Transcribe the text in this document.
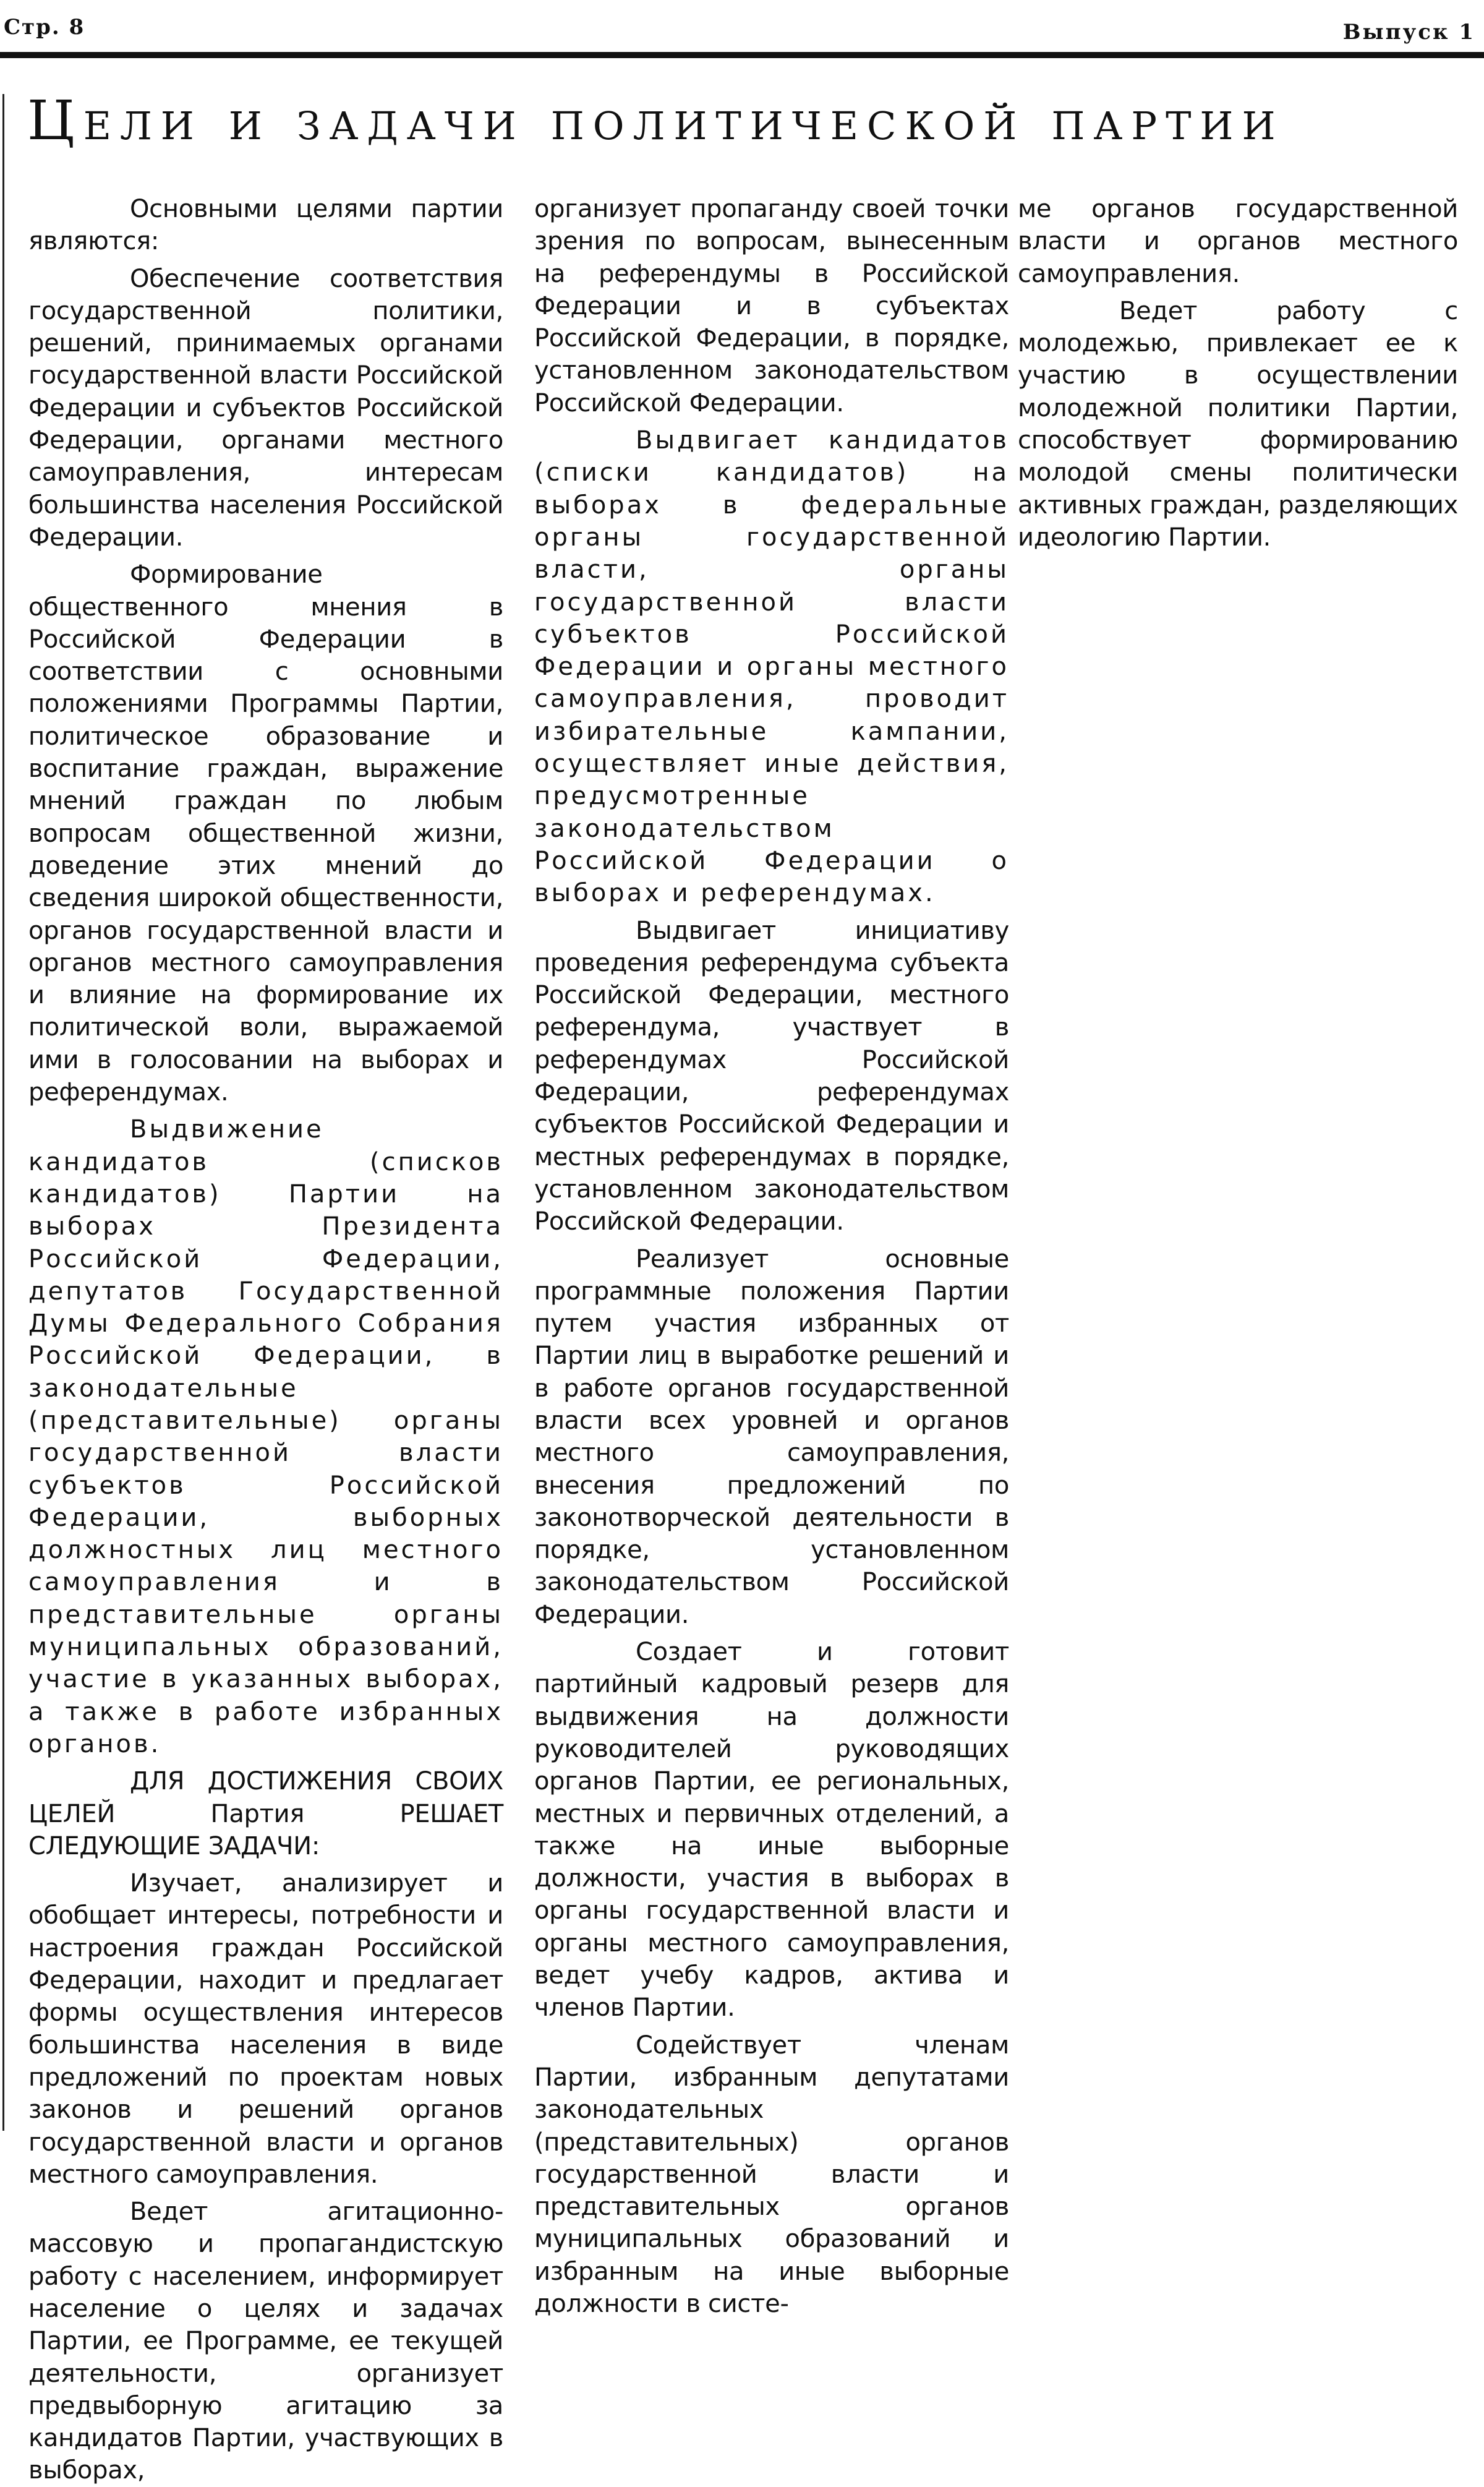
Стр. 8	Выпуск 1
Цели и задачи политической партии

Основными целями партии являются:

Обеспечение соответствия государственной политики, решений, принимаемых органами государственной власти Российской Федерации и субъектов Российской Федерации, органами местного самоуправления, интересам большинства населения Российской Федерации.

Формирование общественного мнения в Российской Федерации в соответствии с основными положениями Программы Партии, политическое образование и воспитание граждан, выражение мнений граждан по любым вопросам общественной жизни, доведение этих мнений до сведения широкой общественности, органов государственной власти и органов местного самоуправления и влияние на формирование их политической воли, выражаемой ими в голосовании на выборах и референдумах.

Выдвижение кандидатов (списков кандидатов) Партии на выборах Президента Российской Федерации, депутатов Государственной Думы Федерального Собрания Российской Федерации, в законодательные (представительные) органы государственной власти субъектов Российской Федерации, выборных должностных лиц местного самоуправления и в представительные органы муниципальных образований, участие в указанных выборах, а также в работе избранных органов.

ДЛЯ ДОСТИЖЕНИЯ СВОИХ ЦЕЛЕЙ Партия РЕШАЕТ СЛЕДУЮЩИЕ ЗАДАЧИ:

Изучает, анализирует и обобщает интересы, потребности и настроения граждан Российской Федерации, находит и предлагает формы осуществления интересов большинства населения в виде предложений по проектам новых законов и решений органов государственной власти и органов местного самоуправления.

Ведет агитационно-массовую и пропагандистскую работу с населением, информирует население о целях и задачах Партии, ее Программе, ее текущей деятельности, организует предвыборную агитацию за кандидатов Партии, участвующих в выборах,

организует пропаганду своей точки зрения по вопросам, вынесенным на референдумы в Российской Федерации и в субъектах Российской Федерации, в порядке, установленном законодательством Российской Федерации.

Выдвигает кандидатов (списки кандидатов) на выборах в федеральные органы государственной власти, органы государственной власти субъектов Российской Федерации и органы местного самоуправления, проводит избирательные кампании, осуществляет иные действия, предусмотренные законодательством Российской Федерации о выборах и референдумах.

Выдвигает инициативу проведения референдума субъекта Российской Федерации, местного референдума, участвует в референдумах Российской Федерации, референдумах субъектов Российской Федерации и местных референдумах в порядке, установленном законодательством Российской Федерации.

Реализует основные программные положения Партии путем участия избранных от Партии лиц в выработке решений и в работе органов государственной власти всех уровней и органов местного самоуправления, внесения предложений по законотворческой деятельности в порядке, установленном законодательством Российской Федерации.

Создает и готовит партийный кадровый резерв для выдвижения на должности руководителей руководящих органов Партии, ее региональных, местных и первичных отделений, а также на иные выборные должности, участия в выборах в органы государственной власти и органы местного самоуправления, ведет учебу кадров, актива и членов Партии.

Содействует членам Партии, избранным депутатами законодательных (представительных) органов государственной власти и представительных органов муниципальных образований и избранным на иные выборные должности в систе-

ме органов государственной власти и органов местного самоуправления.

Ведет работу с молодежью, привлекает ее к участию в осуществлении молодежной политики Партии, способствует формированию молодой смены политически активных граждан, разделяющих идеологию Партии.
